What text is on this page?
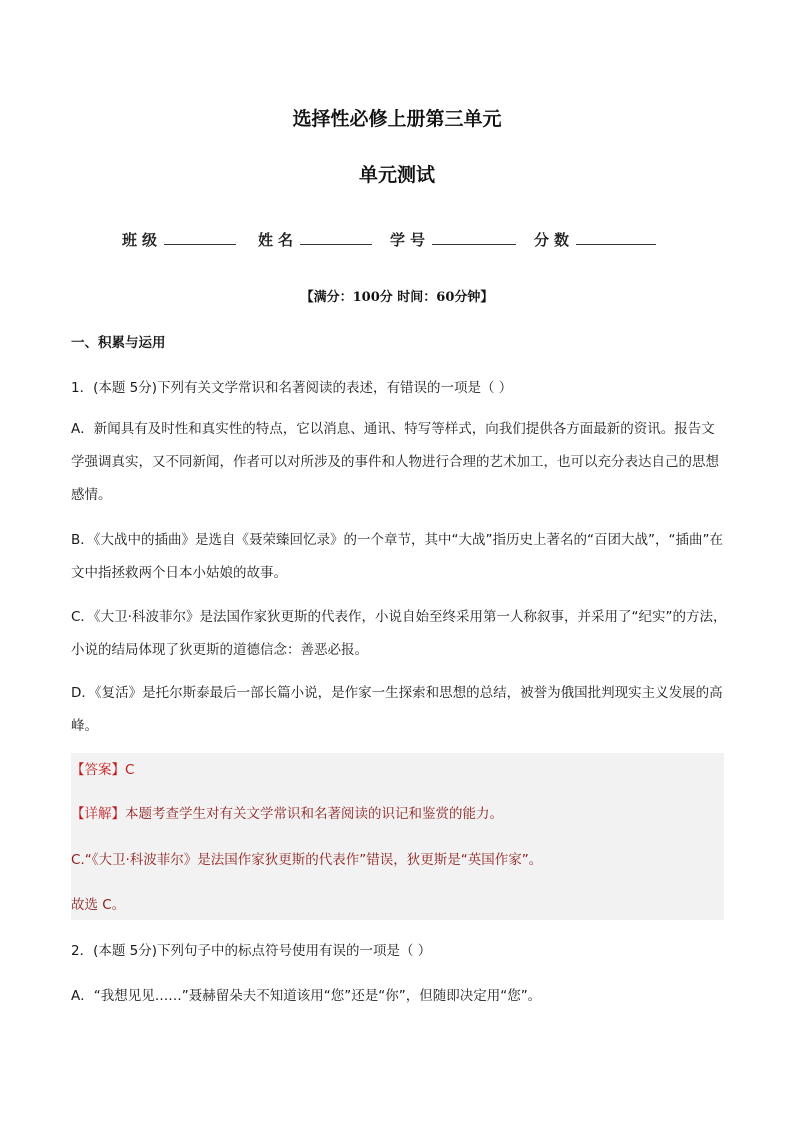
选择性必修上册第三单元
单元测试
班级	姓名	学号	分数
【满分：100分 时间：60分钟】
一、积累与运用

1．(本题 5分)下列有关文学常识和名著阅读的表述，有错误的一项是（ ）

A．新闻具有及时性和真实性的特点，它以消息、通讯、特写等样式，向我们提供各方面最新的资讯。报告文学强调真实，又不同新闻，作者可以对所涉及的事件和人物进行合理的艺术加工，也可以充分表达自己的思想感情。

B．《大战中的插曲》是选自《聂荣臻回忆录》的一个章节，其中“大战”指历史上著名的“百团大战”，“插曲”在文中指拯救两个日本小姑娘的故事。

C．《大卫·科波菲尔》是法国作家狄更斯的代表作，小说自始至终采用第一人称叙事，并采用了“纪实”的方法，小说的结局体现了狄更斯的道德信念：善恶必报。

D．《复活》是托尔斯泰最后一部长篇小说，是作家一生探索和思想的总结，被誉为俄国批判现实主义发展的高峰。

【答案】C
【详解】本题考查学生对有关文学常识和名著阅读的识记和鉴赏的能力。
C.“《大卫·科波菲尔》是法国作家狄更斯的代表作”错误，狄更斯是“英国作家”。
故选 C。

2．(本题 5分)下列句子中的标点符号使用有误的一项是（ ）

A．“我想见见……”聂赫留朵夫不知道该用“您”还是“你”，但随即决定用“您”。
